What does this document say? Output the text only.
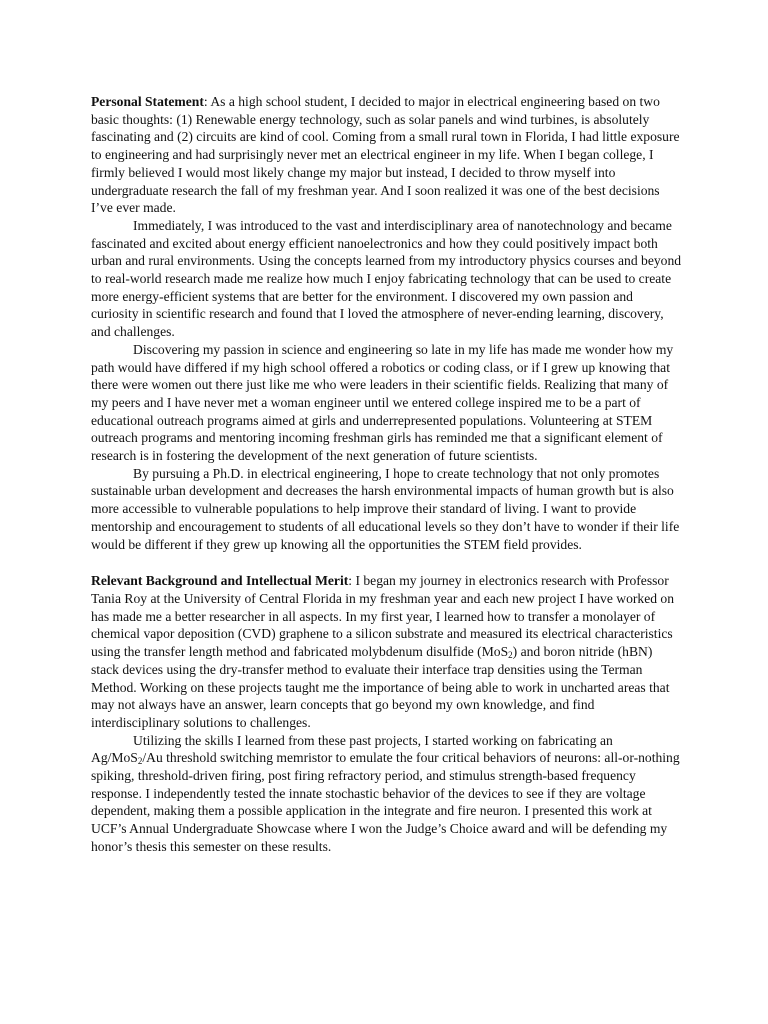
Personal Statement: As a high school student, I decided to major in electrical engineering based on two basic thoughts: (1) Renewable energy technology, such as solar panels and wind turbines, is absolutely fascinating and (2) circuits are kind of cool. Coming from a small rural town in Florida, I had little exposure to engineering and had surprisingly never met an electrical engineer in my life. When I began college, I firmly believed I would most likely change my major but instead, I decided to throw myself into undergraduate research the fall of my freshman year. And I soon realized it was one of the best decisions I’ve ever made.

Immediately, I was introduced to the vast and interdisciplinary area of nanotechnology and became fascinated and excited about energy efficient nanoelectronics and how they could positively impact both urban and rural environments. Using the concepts learned from my introductory physics courses and beyond to real-world research made me realize how much I enjoy fabricating technology that can be used to create more energy-efficient systems that are better for the environment. I discovered my own passion and curiosity in scientific research and found that I loved the atmosphere of never-ending learning, discovery, and challenges.

Discovering my passion in science and engineering so late in my life has made me wonder how my path would have differed if my high school offered a robotics or coding class, or if I grew up knowing that there were women out there just like me who were leaders in their scientific fields. Realizing that many of my peers and I have never met a woman engineer until we entered college inspired me to be a part of educational outreach programs aimed at girls and underrepresented populations. Volunteering at STEM outreach programs and mentoring incoming freshman girls has reminded me that a significant element of research is in fostering the development of the next generation of future scientists.

By pursuing a Ph.D. in electrical engineering, I hope to create technology that not only promotes sustainable urban development and decreases the harsh environmental impacts of human growth but is also more accessible to vulnerable populations to help improve their standard of living. I want to provide mentorship and encouragement to students of all educational levels so they don’t have to wonder if their life would be different if they grew up knowing all the opportunities the STEM field provides.

Relevant Background and Intellectual Merit: I began my journey in electronics research with Professor Tania Roy at the University of Central Florida in my freshman year and each new project I have worked on has made me a better researcher in all aspects. In my first year, I learned how to transfer a monolayer of chemical vapor deposition (CVD) graphene to a silicon substrate and measured its electrical characteristics using the transfer length method and fabricated molybdenum disulfide (MoS$_2$) and boron nitride (hBN) stack devices using the dry-transfer method to evaluate their interface trap densities using the Terman Method. Working on these projects taught me the importance of being able to work in uncharted areas that may not always have an answer, learn concepts that go beyond my own knowledge, and find interdisciplinary solutions to challenges.

Utilizing the skills I learned from these past projects, I started working on fabricating an Ag/MoS$_2$/Au threshold switching memristor to emulate the four critical behaviors of neurons: all-or-nothing spiking, threshold-driven firing, post firing refractory period, and stimulus strength-based frequency response. I independently tested the innate stochastic behavior of the devices to see if they are voltage dependent, making them a possible application in the integrate and fire neuron. I presented this work at UCF’s Annual Undergraduate Showcase where I won the Judge’s Choice award and will be defending my honor’s thesis this semester on these results.
